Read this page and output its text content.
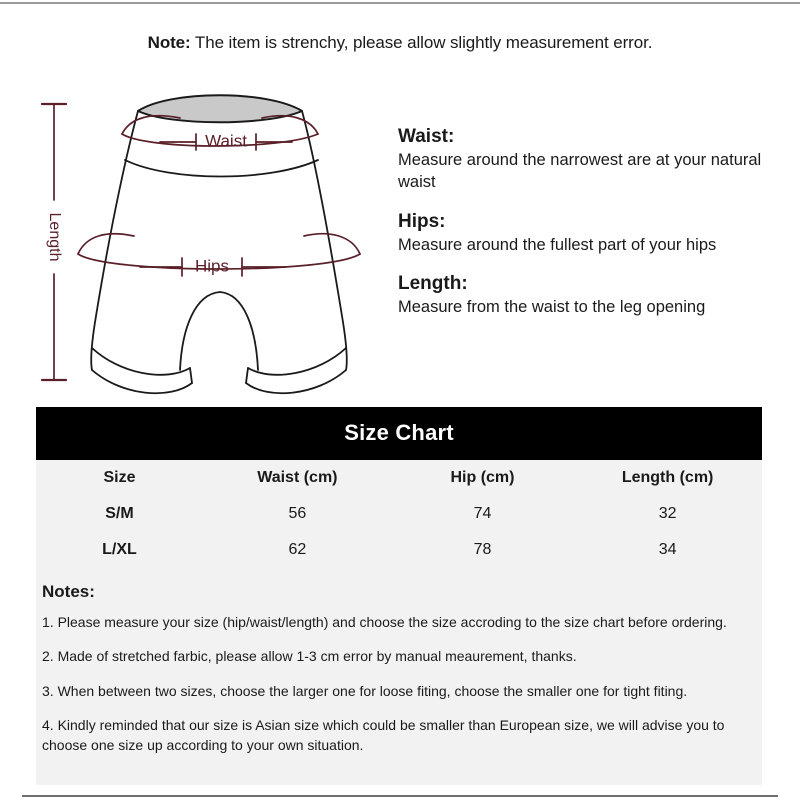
Note: The item is strenchy, please allow slightly measurement error.
Waist
Hips
Length
Waist:
Measure around the narrowest are at your natural waist
Hips:
Measure around the fullest part of your hips
Length:
Measure from the waist to the leg opening
Size Chart
Size	Waist (cm)	Hip (cm)	Length (cm)
S/M	56	74	32
L/XL	62	78	34
Notes:
1. Please measure your size (hip/waist/length) and choose the size accroding to the size chart before ordering.
2. Made of stretched farbic, please allow 1-3 cm error by manual meaurement, thanks.
3. When between two sizes, choose the larger one for loose fiting, choose the smaller one for tight fiting.
4. Kindly reminded that our size is Asian size which could be smaller than European size, we will advise you to choose one size up according to your own situation.
